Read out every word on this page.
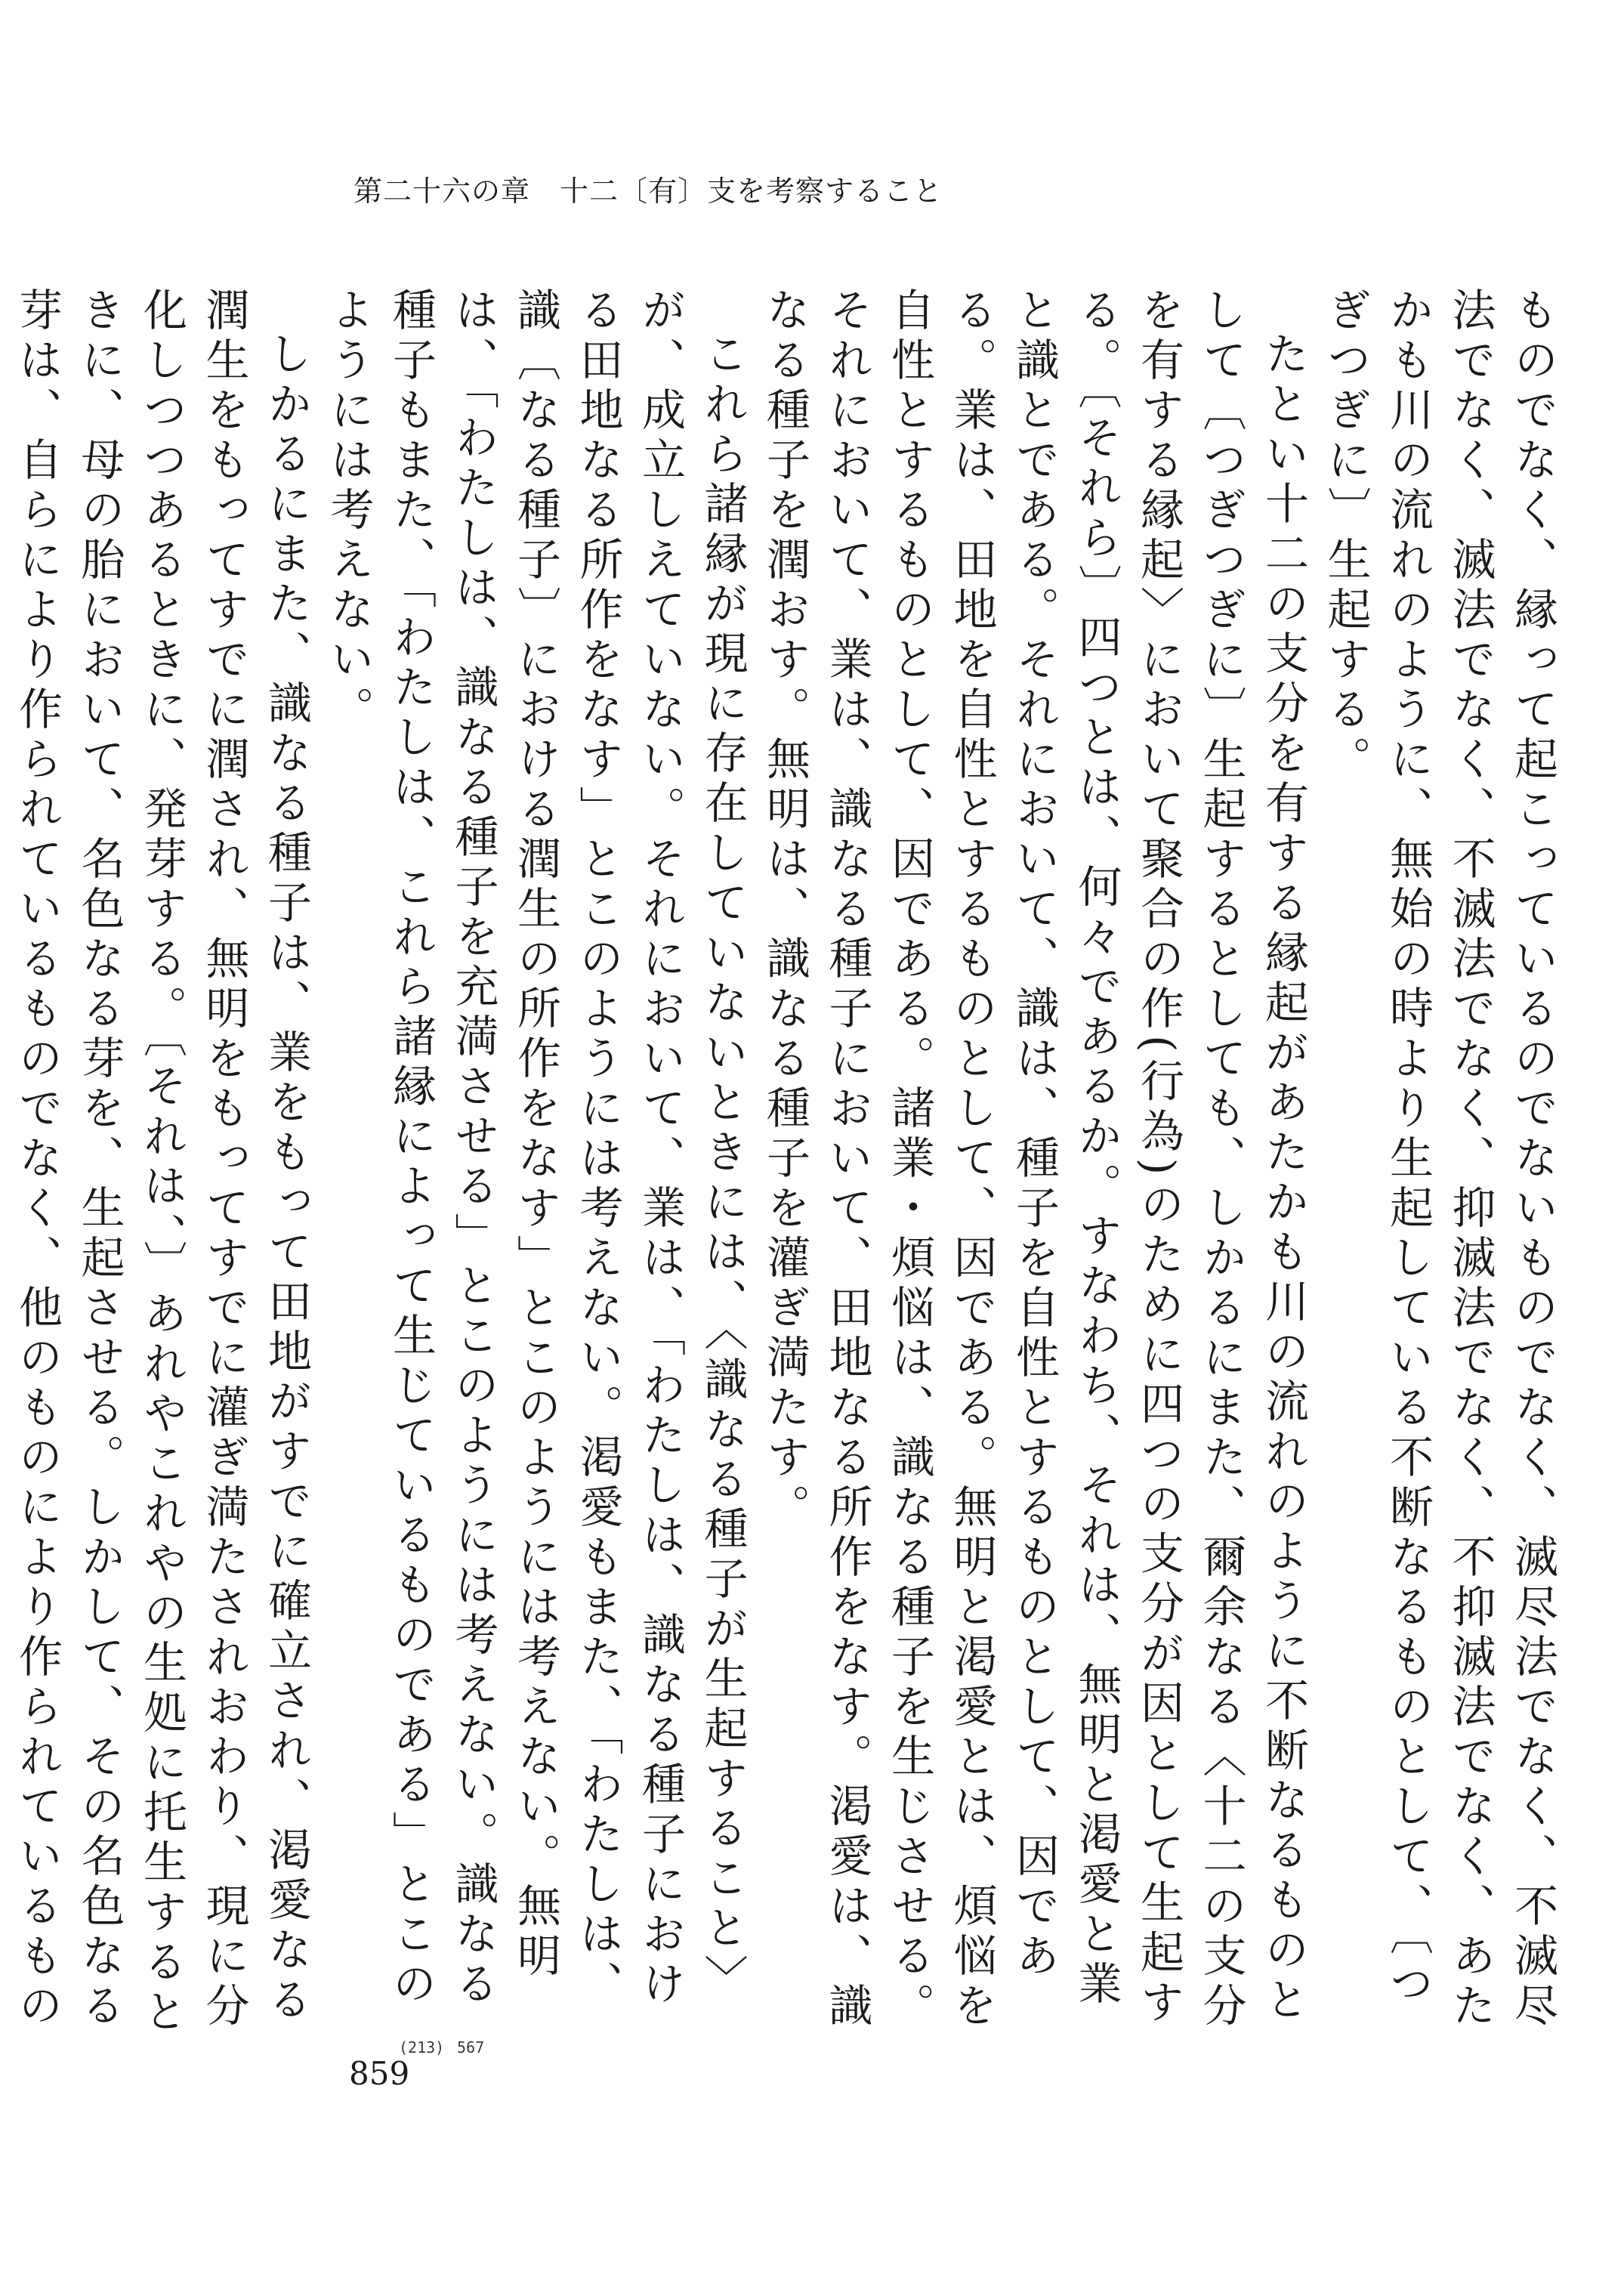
第二十六の章　十二〔有〕支を考察すること

ものでなく、縁って起こっているのでないものでなく、滅尽法でなく、不滅尽法でなく、滅法でなく、不滅法でなく、抑滅法でなく、不抑滅法でなく、あたかも川の流れのように、無始の時より生起している不断なるものとして、〔つぎつぎに〕生起する。

たとい十二の支分を有する縁起があたかも川の流れのように不断なるものとして〔つぎつぎに〕生起するとしても、しかるにまた、爾余なる〈十二の支分を有する縁起〉において聚合の作(行為)のために四つの支分が因として生起する。〔それら〕四つとは、何々であるか。すなわち、それは、無明と渇愛と業と識とである。それにおいて、識は、種子を自性とするものとして、因である。業は、田地を自性とするものとして、因である。無明と渇愛とは、煩悩を自性とするものとして、因である。諸業・煩悩は、識なる種子を生じさせる。それにおいて、業は、識なる種子において、田地なる所作をなす。渇愛は、識なる種子を潤おす。無明は、識なる種子を灌ぎ満たす。

これら諸縁が現に存在していないときには、〈識なる種子が生起すること〉が、成立しえていない。それにおいて、業は、「わたしは、識なる種子における田地なる所作をなす」とこのようには考えない。渇愛もまた、「わたしは、識〔なる種子〕における潤生の所作をなす」とこのようには考えない。無明は、「わたしは、識なる種子を充満させる」とこのようには考えない。識なる種子もまた、「わたしは、これら諸縁によって生じているものである」とこのようには考えない。

しかるにまた、識なる種子は、業をもって田地がすでに確立され、渇愛なる潤生をもってすでに潤され、無明をもってすでに灌ぎ満たされおわり、現に分化しつつあるときに、発芽する。〔それは、〕あれやこれやの生処に托生するときに、母の胎において、名色なる芽を、生起させる。しかして、その名色なる芽は、自らにより作られているものでなく、他のものにより作られているもの

(213) 567
859
